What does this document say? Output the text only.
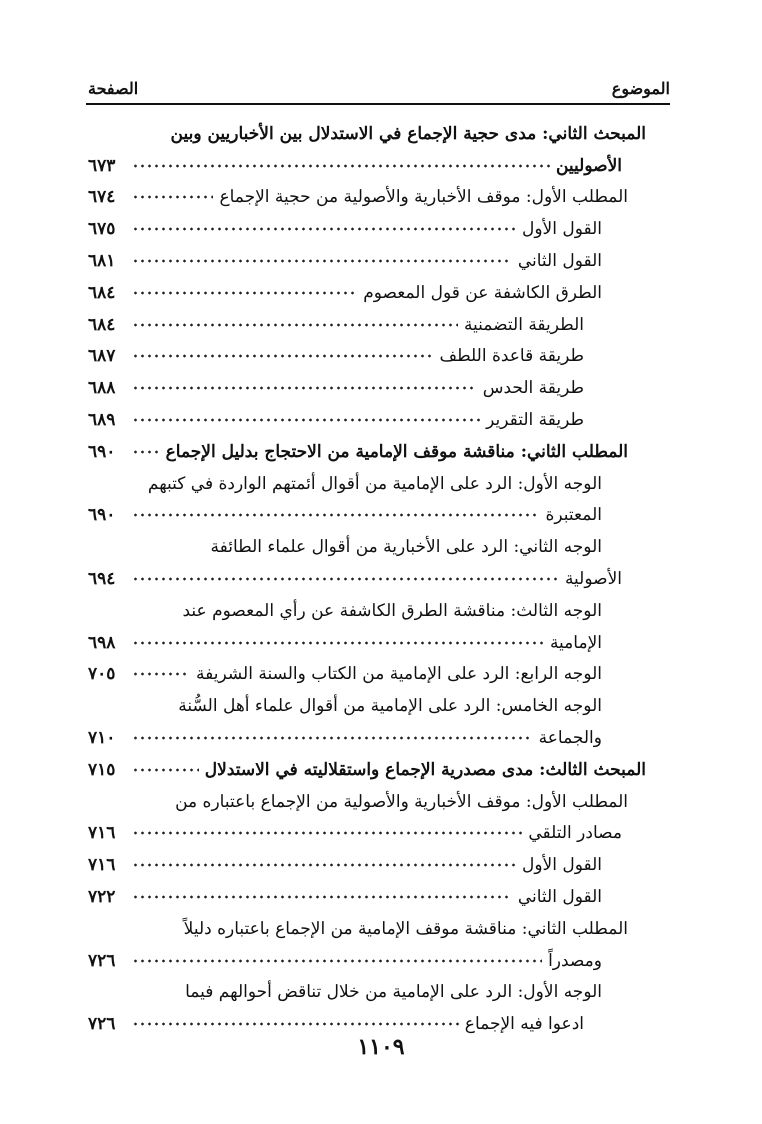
الموضوع
الصفحة
المبحث الثاني: مدى حجية الإجماع في الاستدلال بين الأخباريين وبين
الأصوليين
٦٧٣
المطلب الأول: موقف الأخبارية والأصولية من حجية الإجماع
٦٧٤
القول الأول
٦٧٥
القول الثاني
٦٨١
الطرق الكاشفة عن قول المعصوم
٦٨٤
الطريقة التضمنية
٦٨٤
طريقة قاعدة اللطف
٦٨٧
طريقة الحدس
٦٨٨
طريقة التقرير
٦٨٩
المطلب الثاني: مناقشة موقف الإمامية من الاحتجاج بدليل الإجماع
٦٩٠
الوجه الأول: الرد على الإمامية من أقوال أئمتهم الواردة في كتبهم
المعتبرة
٦٩٠
الوجه الثاني: الرد على الأخبارية من أقوال علماء الطائفة
الأصولية
٦٩٤
الوجه الثالث: مناقشة الطرق الكاشفة عن رأي المعصوم عند
الإمامية
٦٩٨
الوجه الرابع: الرد على الإمامية من الكتاب والسنة الشريفة
٧٠٥
الوجه الخامس: الرد على الإمامية من أقوال علماء أهل السُّنة
والجماعة
٧١٠
المبحث الثالث: مدى مصدرية الإجماع واستقلاليته في الاستدلال
٧١٥
المطلب الأول: موقف الأخبارية والأصولية من الإجماع باعتباره من
مصادر التلقي
٧١٦
القول الأول
٧١٦
القول الثاني
٧٢٢
المطلب الثاني: مناقشة موقف الإمامية من الإجماع باعتباره دليلاً
ومصدراً
٧٢٦
الوجه الأول: الرد على الإمامية من خلال تناقض أحوالهم فيما
ادعوا فيه الإجماع
٧٢٦
١١٠٩
